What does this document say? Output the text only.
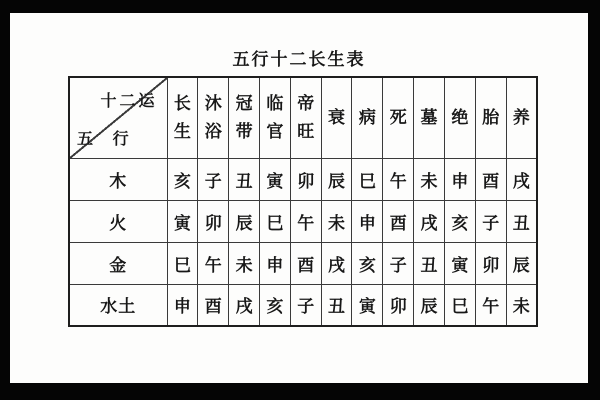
五行十二长生表
十二运
五 行	长生	沐浴	冠带	临官	帝旺	衰	病	死	墓	绝	胎	养
木	亥	子	丑	寅	卯	辰	巳	午	未	申	酉	戌
火	寅	卯	辰	巳	午	未	申	酉	戌	亥	子	丑
金	巳	午	未	申	酉	戌	亥	子	丑	寅	卯	辰
水土	申	酉	戌	亥	子	丑	寅	卯	辰	巳	午	未
